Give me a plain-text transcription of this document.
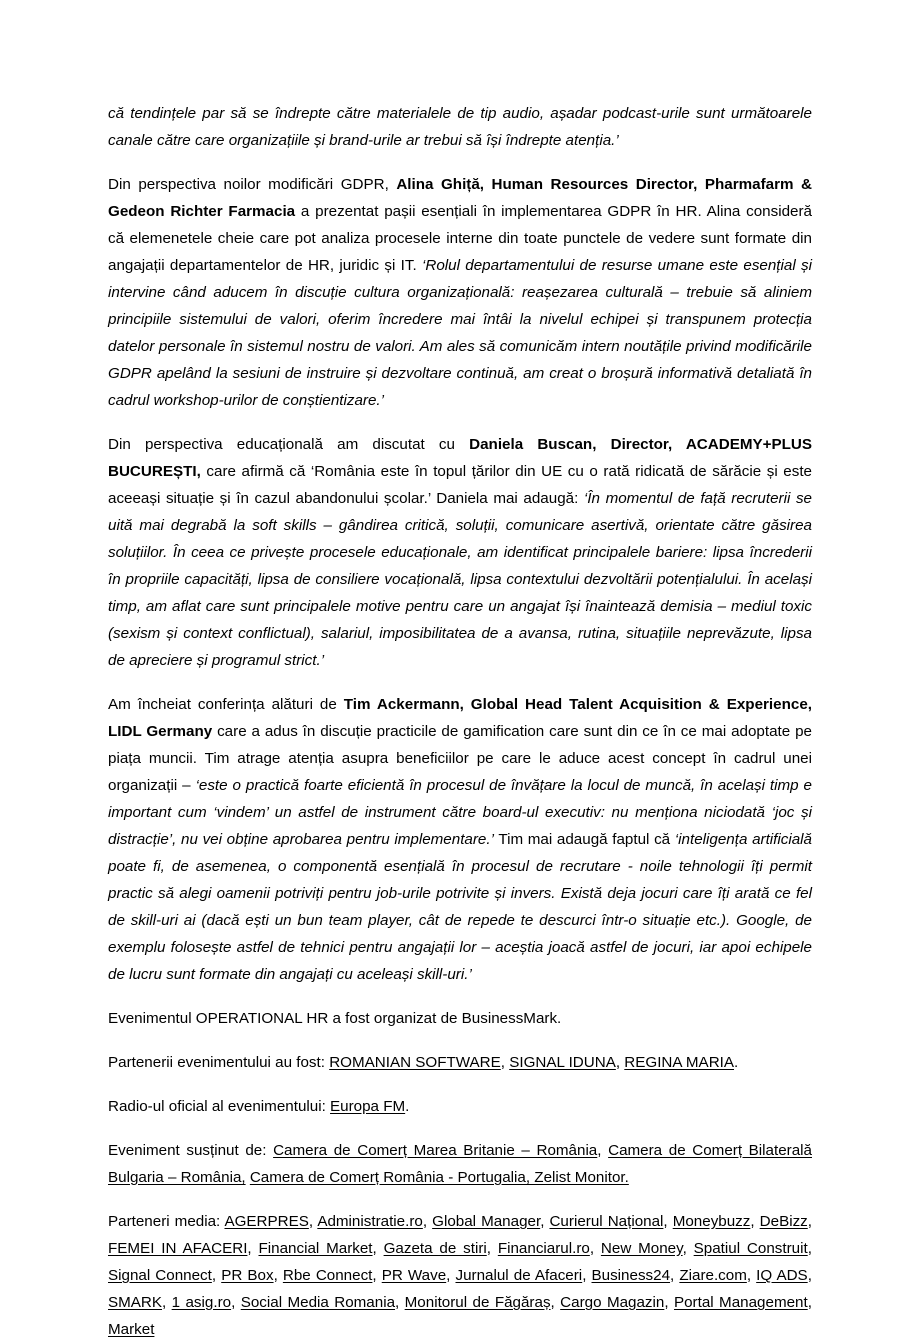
că tendințele par să se îndrepte către materialele de tip audio, așadar podcast-urile sunt următoarele canale către care organizațiile și brand-urile ar trebui să își îndrepte atenția.’

Din perspectiva noilor modificări GDPR, Alina Ghiță, Human Resources Director, Pharmafarm & Gedeon Richter Farmacia a prezentat pașii esențiali în implementarea GDPR în HR. Alina consideră că elemenetele cheie care pot analiza procesele interne din toate punctele de vedere sunt formate din angajații departamentelor de HR, juridic și IT. ‘Rolul departamentului de resurse umane este esențial și intervine când aducem în discuție cultura organizațională: reașezarea culturală – trebuie să aliniem principiile sistemului de valori, oferim încredere mai întâi la nivelul echipei și transpunem protecția datelor personale în sistemul nostru de valori. Am ales să comunicăm intern noutățile privind modificările GDPR apelând la sesiuni de instruire și dezvoltare continuă, am creat o broșură informativă detaliată în cadrul workshop-urilor de conștientizare.’

Din perspectiva educațională am discutat cu Daniela Buscan, Director, ACADEMY+PLUS BUCUREȘTI, care afirmă că ‘România este în topul țărilor din UE cu o rată ridicată de sărăcie și este aceeași situație și în cazul abandonului școlar.’ Daniela mai adaugă: ‘În momentul de față recruterii se uită mai degrabă la soft skills – gândirea critică, soluții, comunicare asertivă, orientate către găsirea soluțiilor. În ceea ce privește procesele educaționale, am identificat principalele bariere: lipsa încrederii în propriile capacități, lipsa de consiliere vocațională, lipsa contextului dezvoltării potențialului. În același timp, am aflat care sunt principalele motive pentru care un angajat își înaintează demisia – mediul toxic (sexism și context conflictual), salariul, imposibilitatea de a avansa, rutina, situațiile neprevăzute, lipsa de apreciere și programul strict.’

Am încheiat conferința alături de Tim Ackermann, Global Head Talent Acquisition & Experience, LIDL Germany care a adus în discuție practicile de gamification care sunt din ce în ce mai adoptate pe piața muncii. Tim atrage atenția asupra beneficiilor pe care le aduce acest concept în cadrul unei organizații – ‘este o practică foarte eficientă în procesul de învățare la locul de muncă, în același timp e important cum ‘vindem’ un astfel de instrument către board-ul executiv: nu menționa niciodată ‘joc și distracție’, nu vei obține aprobarea pentru implementare.’ Tim mai adaugă faptul că ‘inteligența artificială poate fi, de asemenea, o componentă esențială în procesul de recrutare - noile tehnologii îți permit practic să alegi oamenii potriviți pentru job-urile potrivite și invers. Există deja jocuri care îți arată ce fel de skill-uri ai (dacă ești un bun team player, cât de repede te descurci într-o situație etc.). Google, de exemplu folosește astfel de tehnici pentru angajații lor – aceștia joacă astfel de jocuri, iar apoi echipele de lucru sunt formate din angajați cu aceleași skill-uri.’

Evenimentul OPERATIONAL HR a fost organizat de BusinessMark.

Partenerii evenimentului au fost: ROMANIAN SOFTWARE, SIGNAL IDUNA, REGINA MARIA.

Radio-ul oficial al evenimentului: Europa FM.

Eveniment susținut de: Camera de Comerț Marea Britanie – România, Camera de Comerț Bilaterală Bulgaria – România, Camera de Comerț România - Portugalia, Zelist Monitor.

Parteneri media: AGERPRES, Administratie.ro, Global Manager, Curierul Național, Moneybuzz, DeBizz, FEMEI IN AFACERI, Financial Market, Gazeta de stiri, Financiarul.ro, New Money, Spatiul Construit, Signal Connect, PR Box, Rbe Connect, PR Wave, Jurnalul de Afaceri, Business24, Ziare.com, IQ ADS, SMARK, 1 asig.ro, Social Media Romania, Monitorul de Făgăraș, Cargo Magazin, Portal Management, Market
